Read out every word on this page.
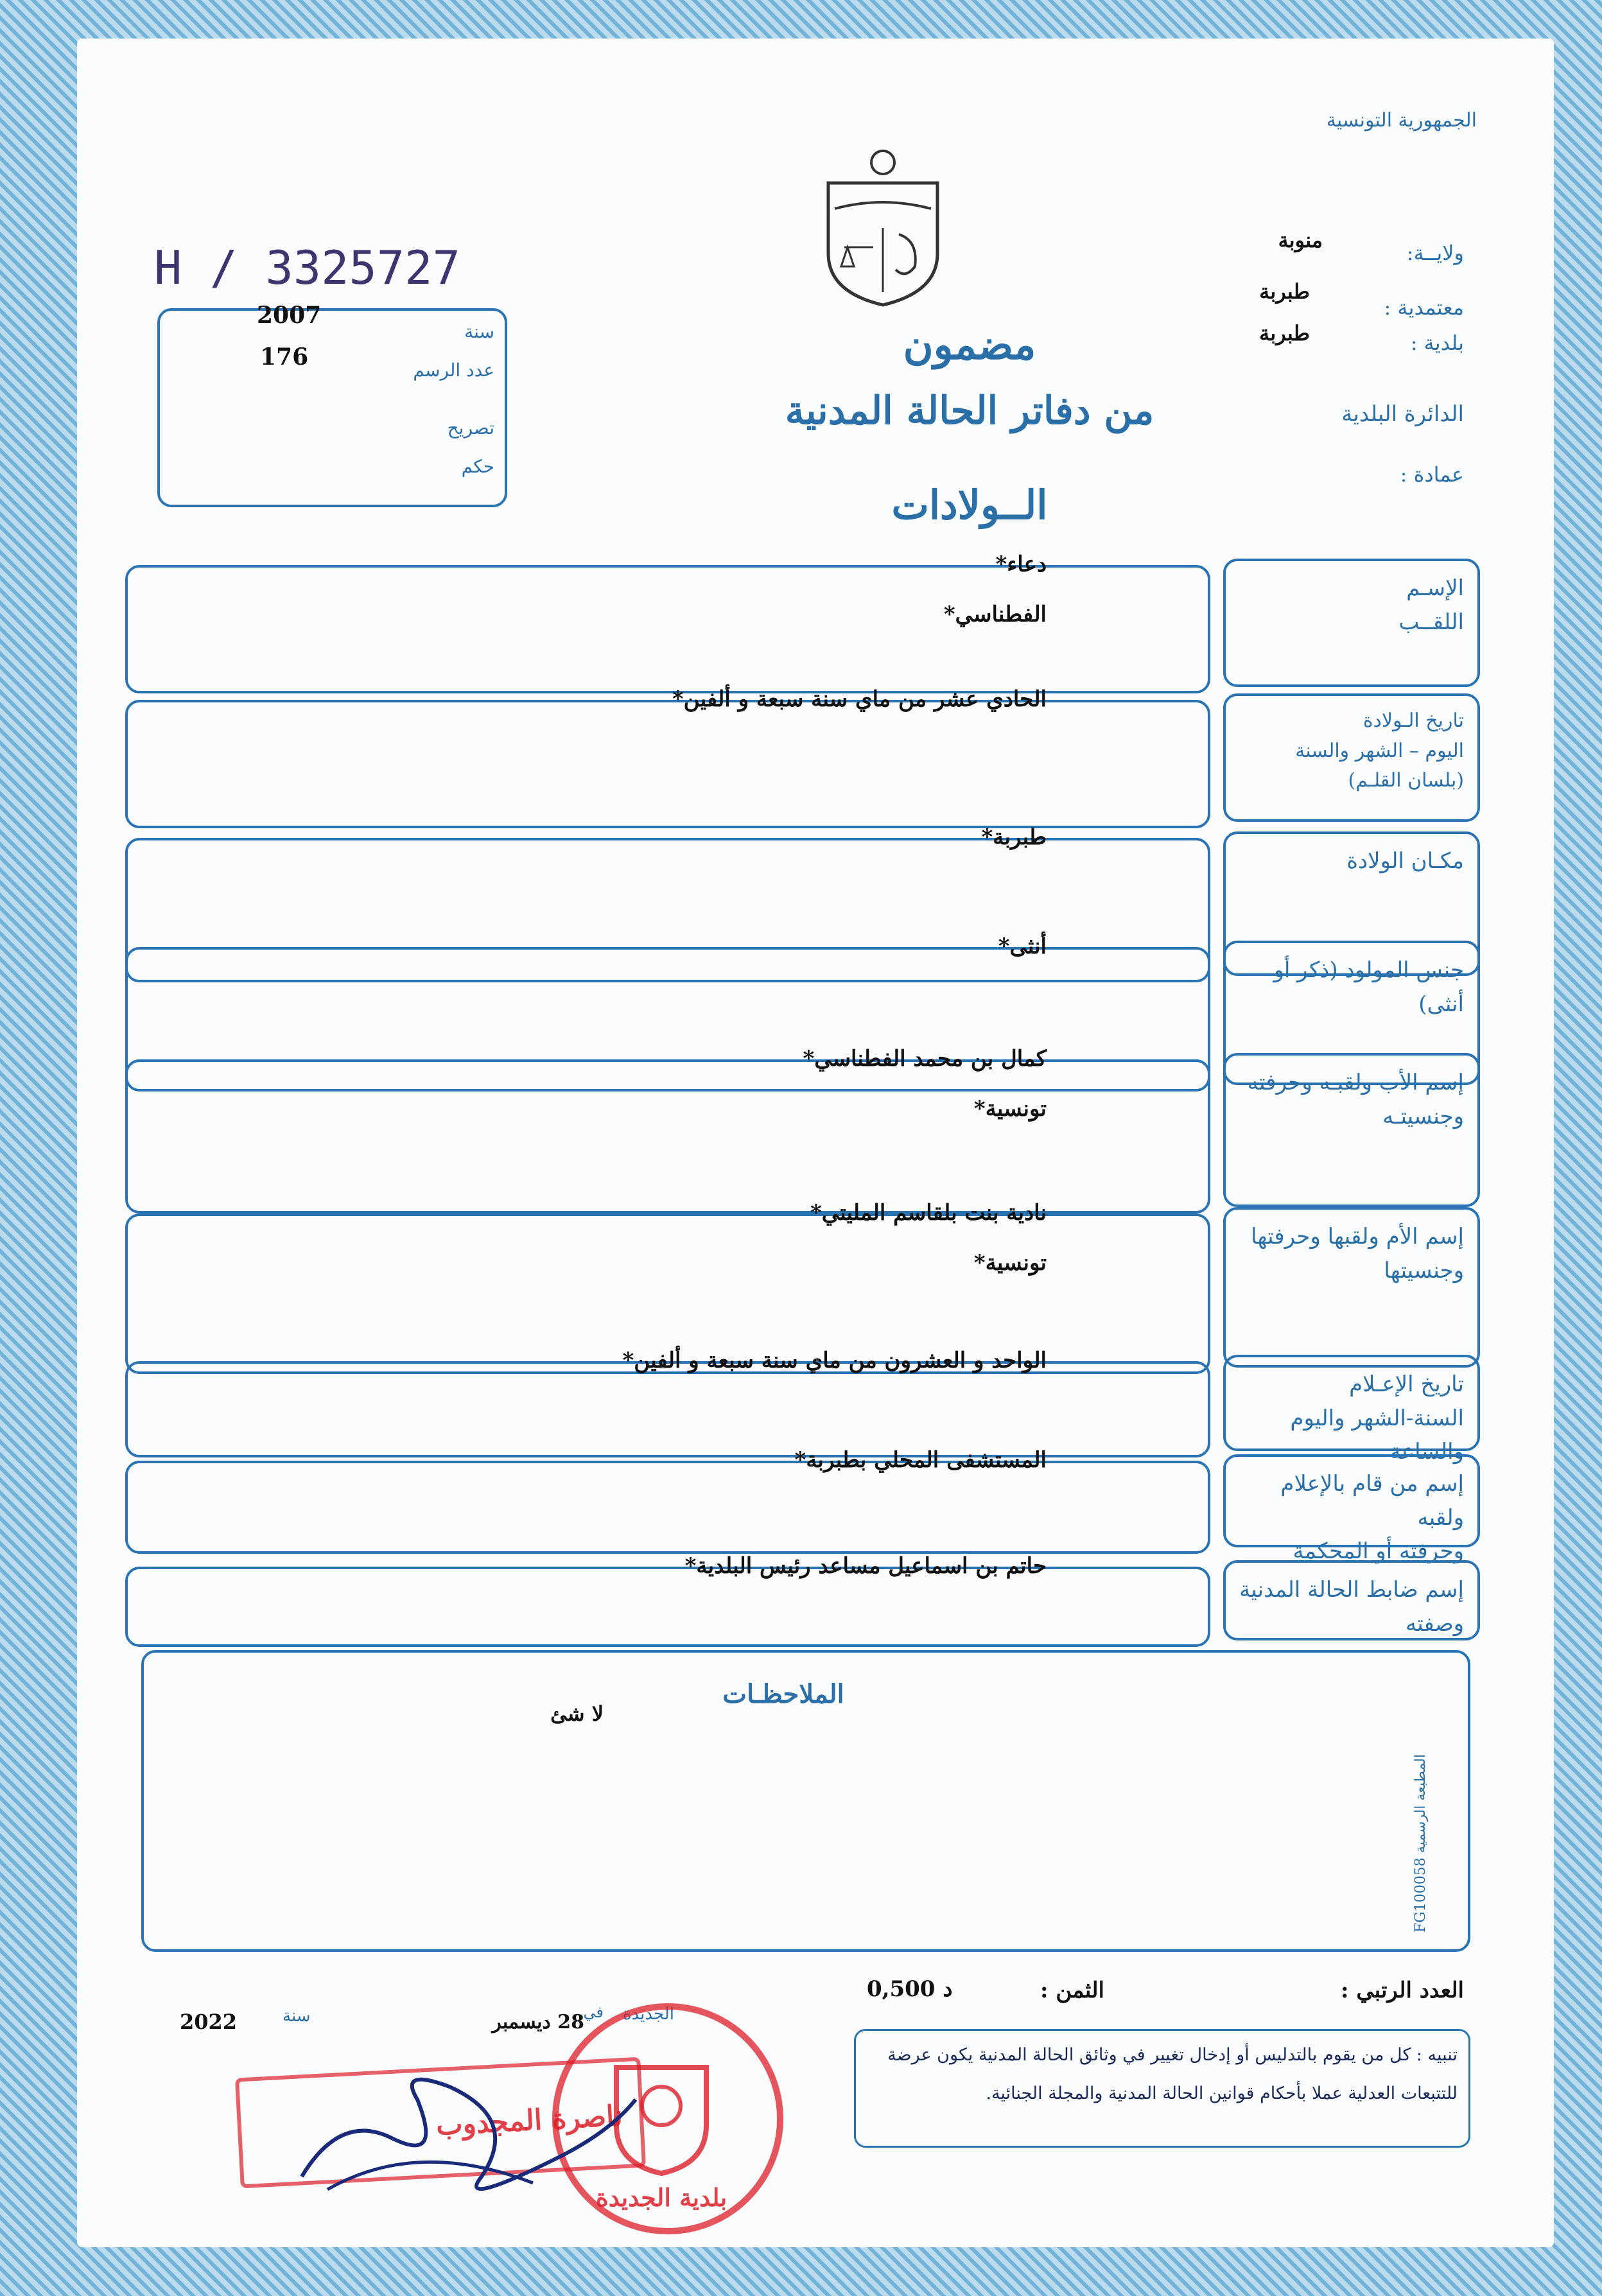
الجمهورية التونسية
H / 3325727
2007
176
سنة
عدد الرسم
تصريح
حكم
مضمون
من دفاتر الحالة المدنية
الــولادات
ولايــة:
منوبة
معتمدية :
طبربة
بلدية :
طبربة
الدائرة البلدية
عمادة :
الإسـم
اللقــب
دعاء*
الفطناسي*
تاريخ الـولادة
اليوم – الشهر والسنة
(بلسان القلـم)
الحادي عشر من ماي سنة سبعة و ألفين*
مكـان الولادة
طبربة*
جنس المولود (ذكر أو أنثى)
أنثى*
إسم الأب ولقبـه وحرفته
وجنسيتـه
كمال بن محمد الفطناسي*
تونسية*
إسم الأم ولقبها وحرفتها
وجنسيتها
نادية بنت بلقاسم المليتي*
تونسية*
تاريخ الإعـلام
السنة-الشهر واليوم والساعة
الواحد و العشرون من ماي سنة سبعة و ألفين*
إسم من قام بالإعلام ولقبه
وحرفته أو المحكمة
المستشفى المحلي بطبربة*
إسم ضابط الحالة المدنية
وصفته
حاتم بن اسماعيل مساعد رئيس البلدية*
الملاحظـات
لا شئ
العدد الرتبي :
الثمن :
0,500 د
2022	سنة	28 ديسمبر
في	الجديدة
تنبيه : كل من يقوم بالتدليس أو إدخال تغيير في وثائق الحالة المدنية يكون عرضة
للتتبعات العدلية عملا بأحكام قوانين الحالة المدنية والمجلة الجنائية.
المطبعة الرسمية FG100058
ناصرة المجدوب
بلدية الجديدة
